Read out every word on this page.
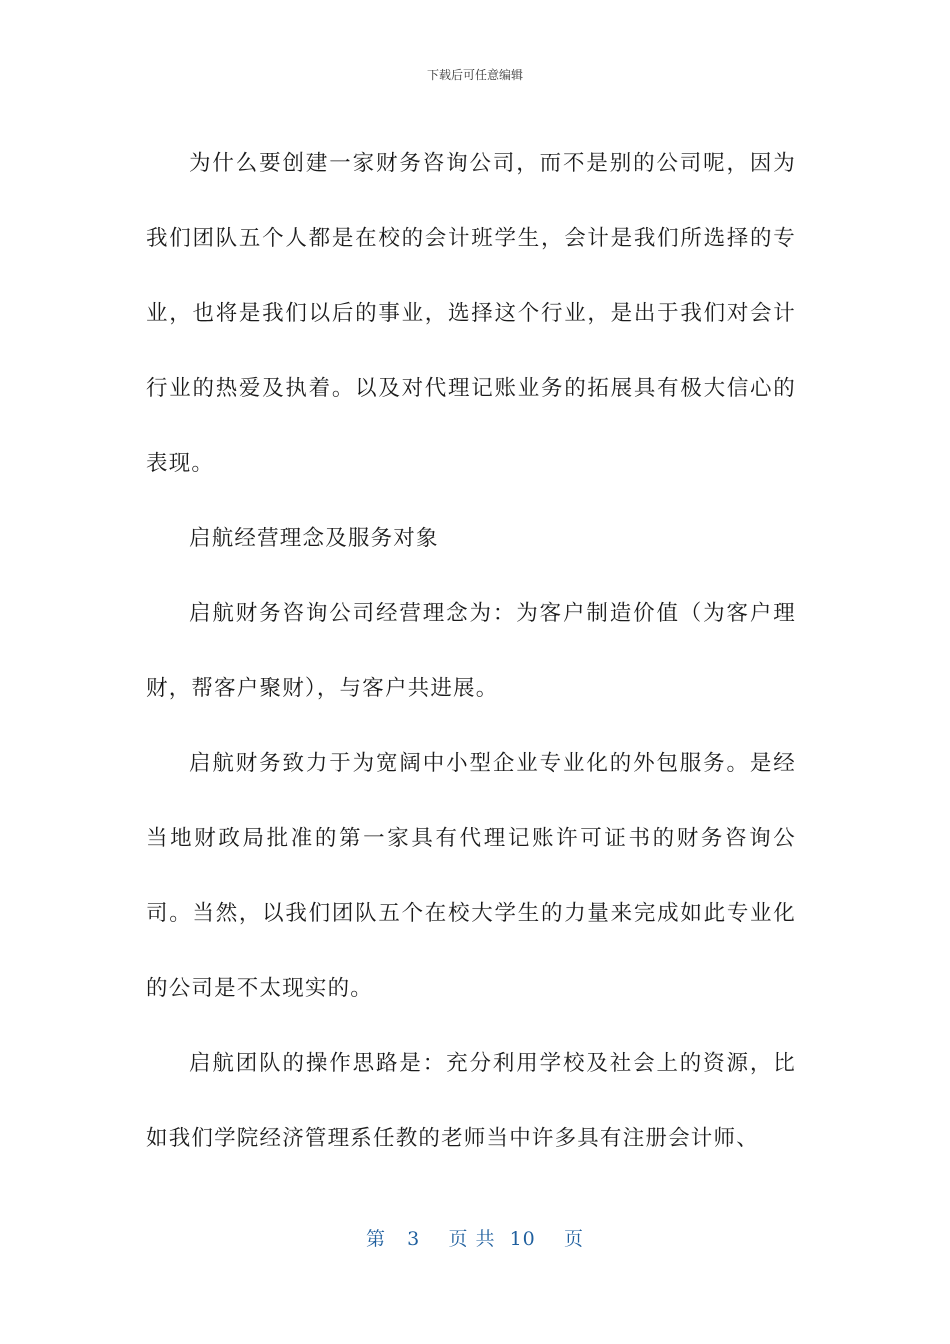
下载后可任意编辑

为什么要创建一家财务咨询公司，而不是别的公司呢，因为我们团队五个人都是在校的会计班学生，会计是我们所选择的专业，也将是我们以后的事业，选择这个行业，是出于我们对会计行业的热爱及执着。以及对代理记账业务的拓展具有极大信心的表现。

启航经营理念及服务对象

启航财务咨询公司经营理念为：为客户制造价值（为客户理财，帮客户聚财），与客户共进展。

启航财务致力于为宽阔中小型企业专业化的外包服务。是经当地财政局批准的第一家具有代理记账许可证书的财务咨询公司。当然，以我们团队五个在校大学生的力量来完成如此专业化的公司是不太现实的。

启航团队的操作思路是：充分利用学校及社会上的资源，比如我们学院经济管理系任教的老师当中许多具有注册会计师、

第 3 页 共 10 页
